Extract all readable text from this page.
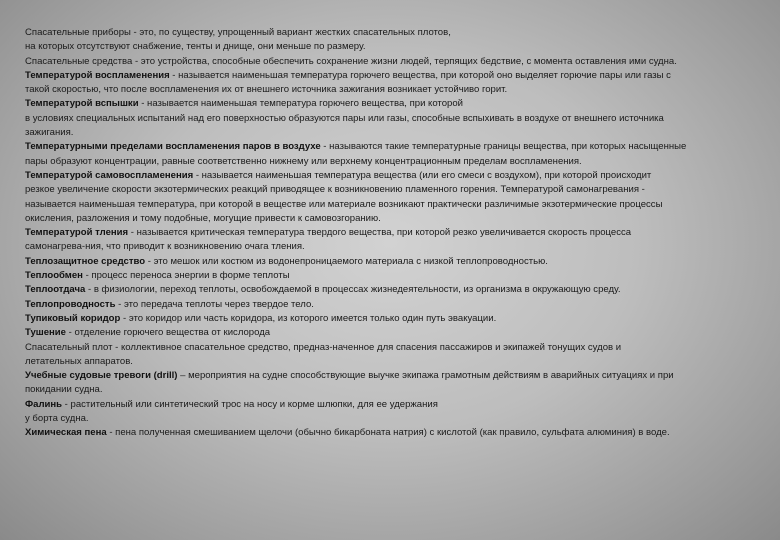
Спасательные приборы - это, по существу, упрощенный вариант жестких спасательных плотов,
на которых отсутствуют снабжение, тенты и днище, они меньше по размеру.
Спасательные средства - это устройства, способные обеспечить сохранение жизни людей, терпящих бедствие, с момента оставления ими судна.
Температурой воспламенения - называется наименьшая температура горючего вещества, при которой оно выделяет горючие пары или газы с
такой скоростью, что после воспламенения их от внешнего источника зажигания возникает устойчиво горит.
Температурой вспышки - называется наименьшая температура горючего вещества, при которой
в условиях специальных испытаний над его поверхностью образуются пары или газы, способные вспыхивать в воздухе от внешнего источника
зажигания.
Температурными пределами воспламенения паров в воздухе - называются такие температурные границы вещества, при которых насыщенные
пары образуют концентрации, равные соответственно нижнему или верхнему концентрационным пределам воспламенения.
Температурой самовоспламенения - называется наименьшая температура вещества (или его смеси с воздухом), при которой происходит
резкое увеличение скорости экзотермических реакций приводящее к возникновению пламенного горения. Температурой самонагревания -
называется наименьшая температура, при которой в веществе или материале возникают практически различимые экзотермические процессы
окисления, разложения и тому подобные, могущие привести к самовозгоранию.
Температурой тления - называется критическая температура твердого вещества, при которой резко увеличивается скорость процесса
самонагрева-ния, что приводит к возникновению очага тления.
Теплозащитное средство - это мешок или костюм из водонепроницаемого материала с низкой теплопроводностью.
Теплообмен - процесс переноса энергии в форме теплоты
Теплоотдача - в физиологии, переход теплоты, освобождаемой в процессах жизнедеятельности, из организма в окружающую среду.
Теплопроводность - это передача теплоты через твердое тело.
Тупиковый коридор - это коридор или часть коридора, из которого имеется только один путь эвакуации.
Тушение - отделение горючего вещества от кислорода
Спасательный плот - коллективное спасательное средство, предназ-наченное для спасения пассажиров и экипажей тонущих судов и
летательных аппаратов.
Учебные судовые тревоги (drill) – мероприятия на судне способствующие выучке экипажа грамотным действиям в аварийных ситуациях и при
покидании судна.
Фалинь - растительный или синтетический трос на носу и корме шлюпки, для ее удержания
у борта судна.
Химическая пена - пена полученная смешиванием щелочи (обычно бикарбоната натрия) с кислотой (как правило, сульфата алюминия) в воде.
